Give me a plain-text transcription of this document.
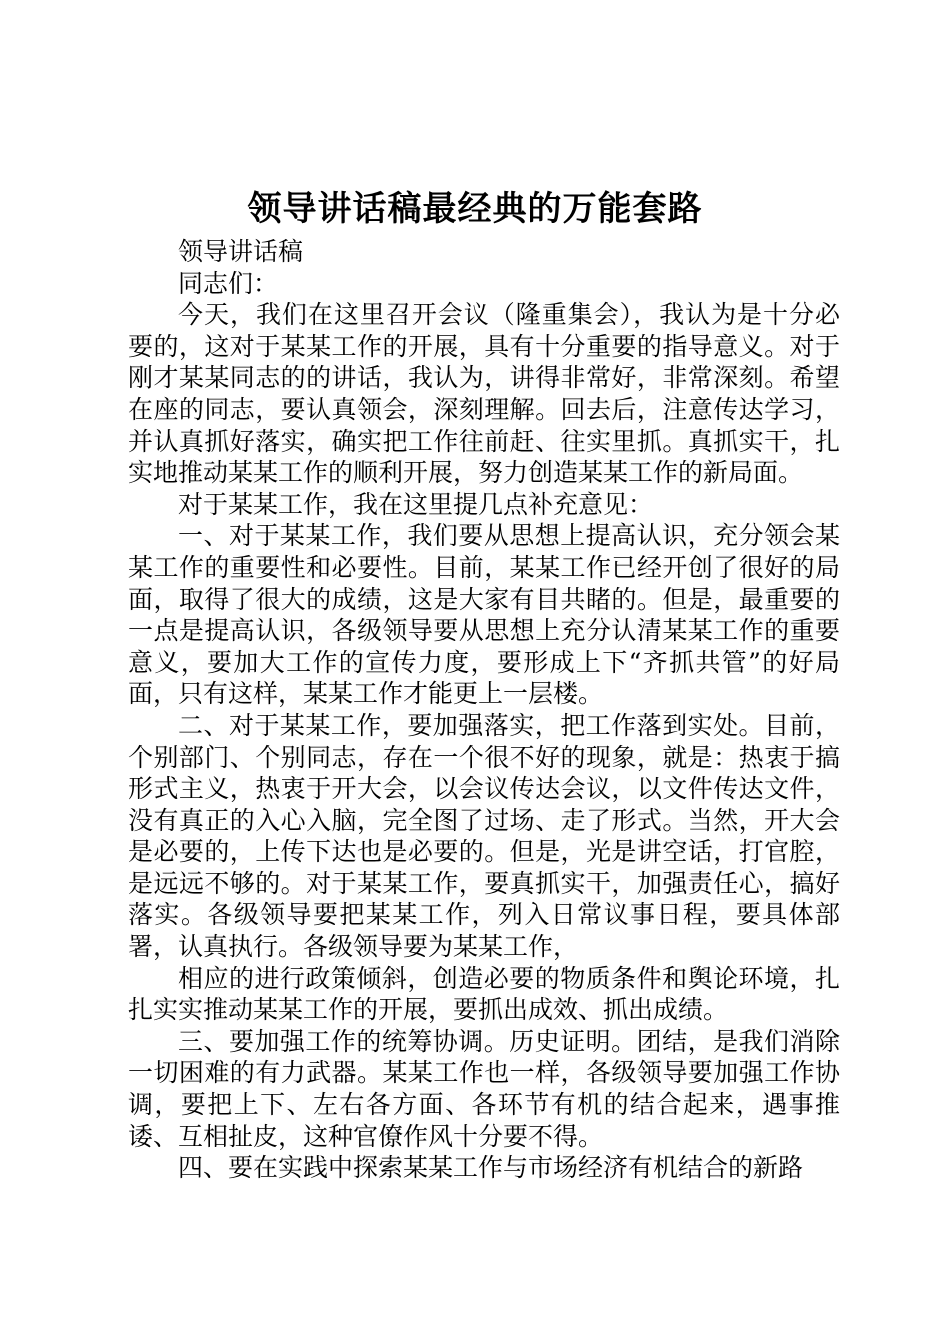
领导讲话稿最经典的万能套路

领导讲话稿

同志们：

今天，我们在这里召开会议（隆重集会），我认为是十分必要的，这对于某某工作的开展，具有十分重要的指导意义。对于刚才某某同志的的讲话，我认为，讲得非常好，非常深刻。希望在座的同志，要认真领会，深刻理解。回去后，注意传达学习，并认真抓好落实，确实把工作往前赶、往实里抓。真抓实干，扎实地推动某某工作的顺利开展，努力创造某某工作的新局面。

对于某某工作，我在这里提几点补充意见：

一、对于某某工作，我们要从思想上提高认识，充分领会某某工作的重要性和必要性。目前，某某工作已经开创了很好的局面，取得了很大的成绩，这是大家有目共睹的。但是，最重要的一点是提高认识，各级领导要从思想上充分认清某某工作的重要意义，要加大工作的宣传力度，要形成上下“齐抓共管”的好局面，只有这样，某某工作才能更上一层楼。

二、对于某某工作，要加强落实，把工作落到实处。目前，个别部门、个别同志，存在一个很不好的现象，就是：热衷于搞形式主义，热衷于开大会，以会议传达会议，以文件传达文件，没有真正的入心入脑，完全图了过场、走了形式。当然，开大会是必要的，上传下达也是必要的。但是，光是讲空话，打官腔，是远远不够的。对于某某工作，要真抓实干，加强责任心，搞好落实。各级领导要把某某工作，列入日常议事日程，要具体部署，认真执行。各级领导要为某某工作，

相应的进行政策倾斜，创造必要的物质条件和舆论环境，扎扎实实推动某某工作的开展，要抓出成效、抓出成绩。

三、要加强工作的统筹协调。历史证明。团结，是我们消除一切困难的有力武器。某某工作也一样，各级领导要加强工作协调，要把上下、左右各方面、各环节有机的结合起来，遇事推诿、互相扯皮，这种官僚作风十分要不得。

四、要在实践中探索某某工作与市场经济有机结合的新路
